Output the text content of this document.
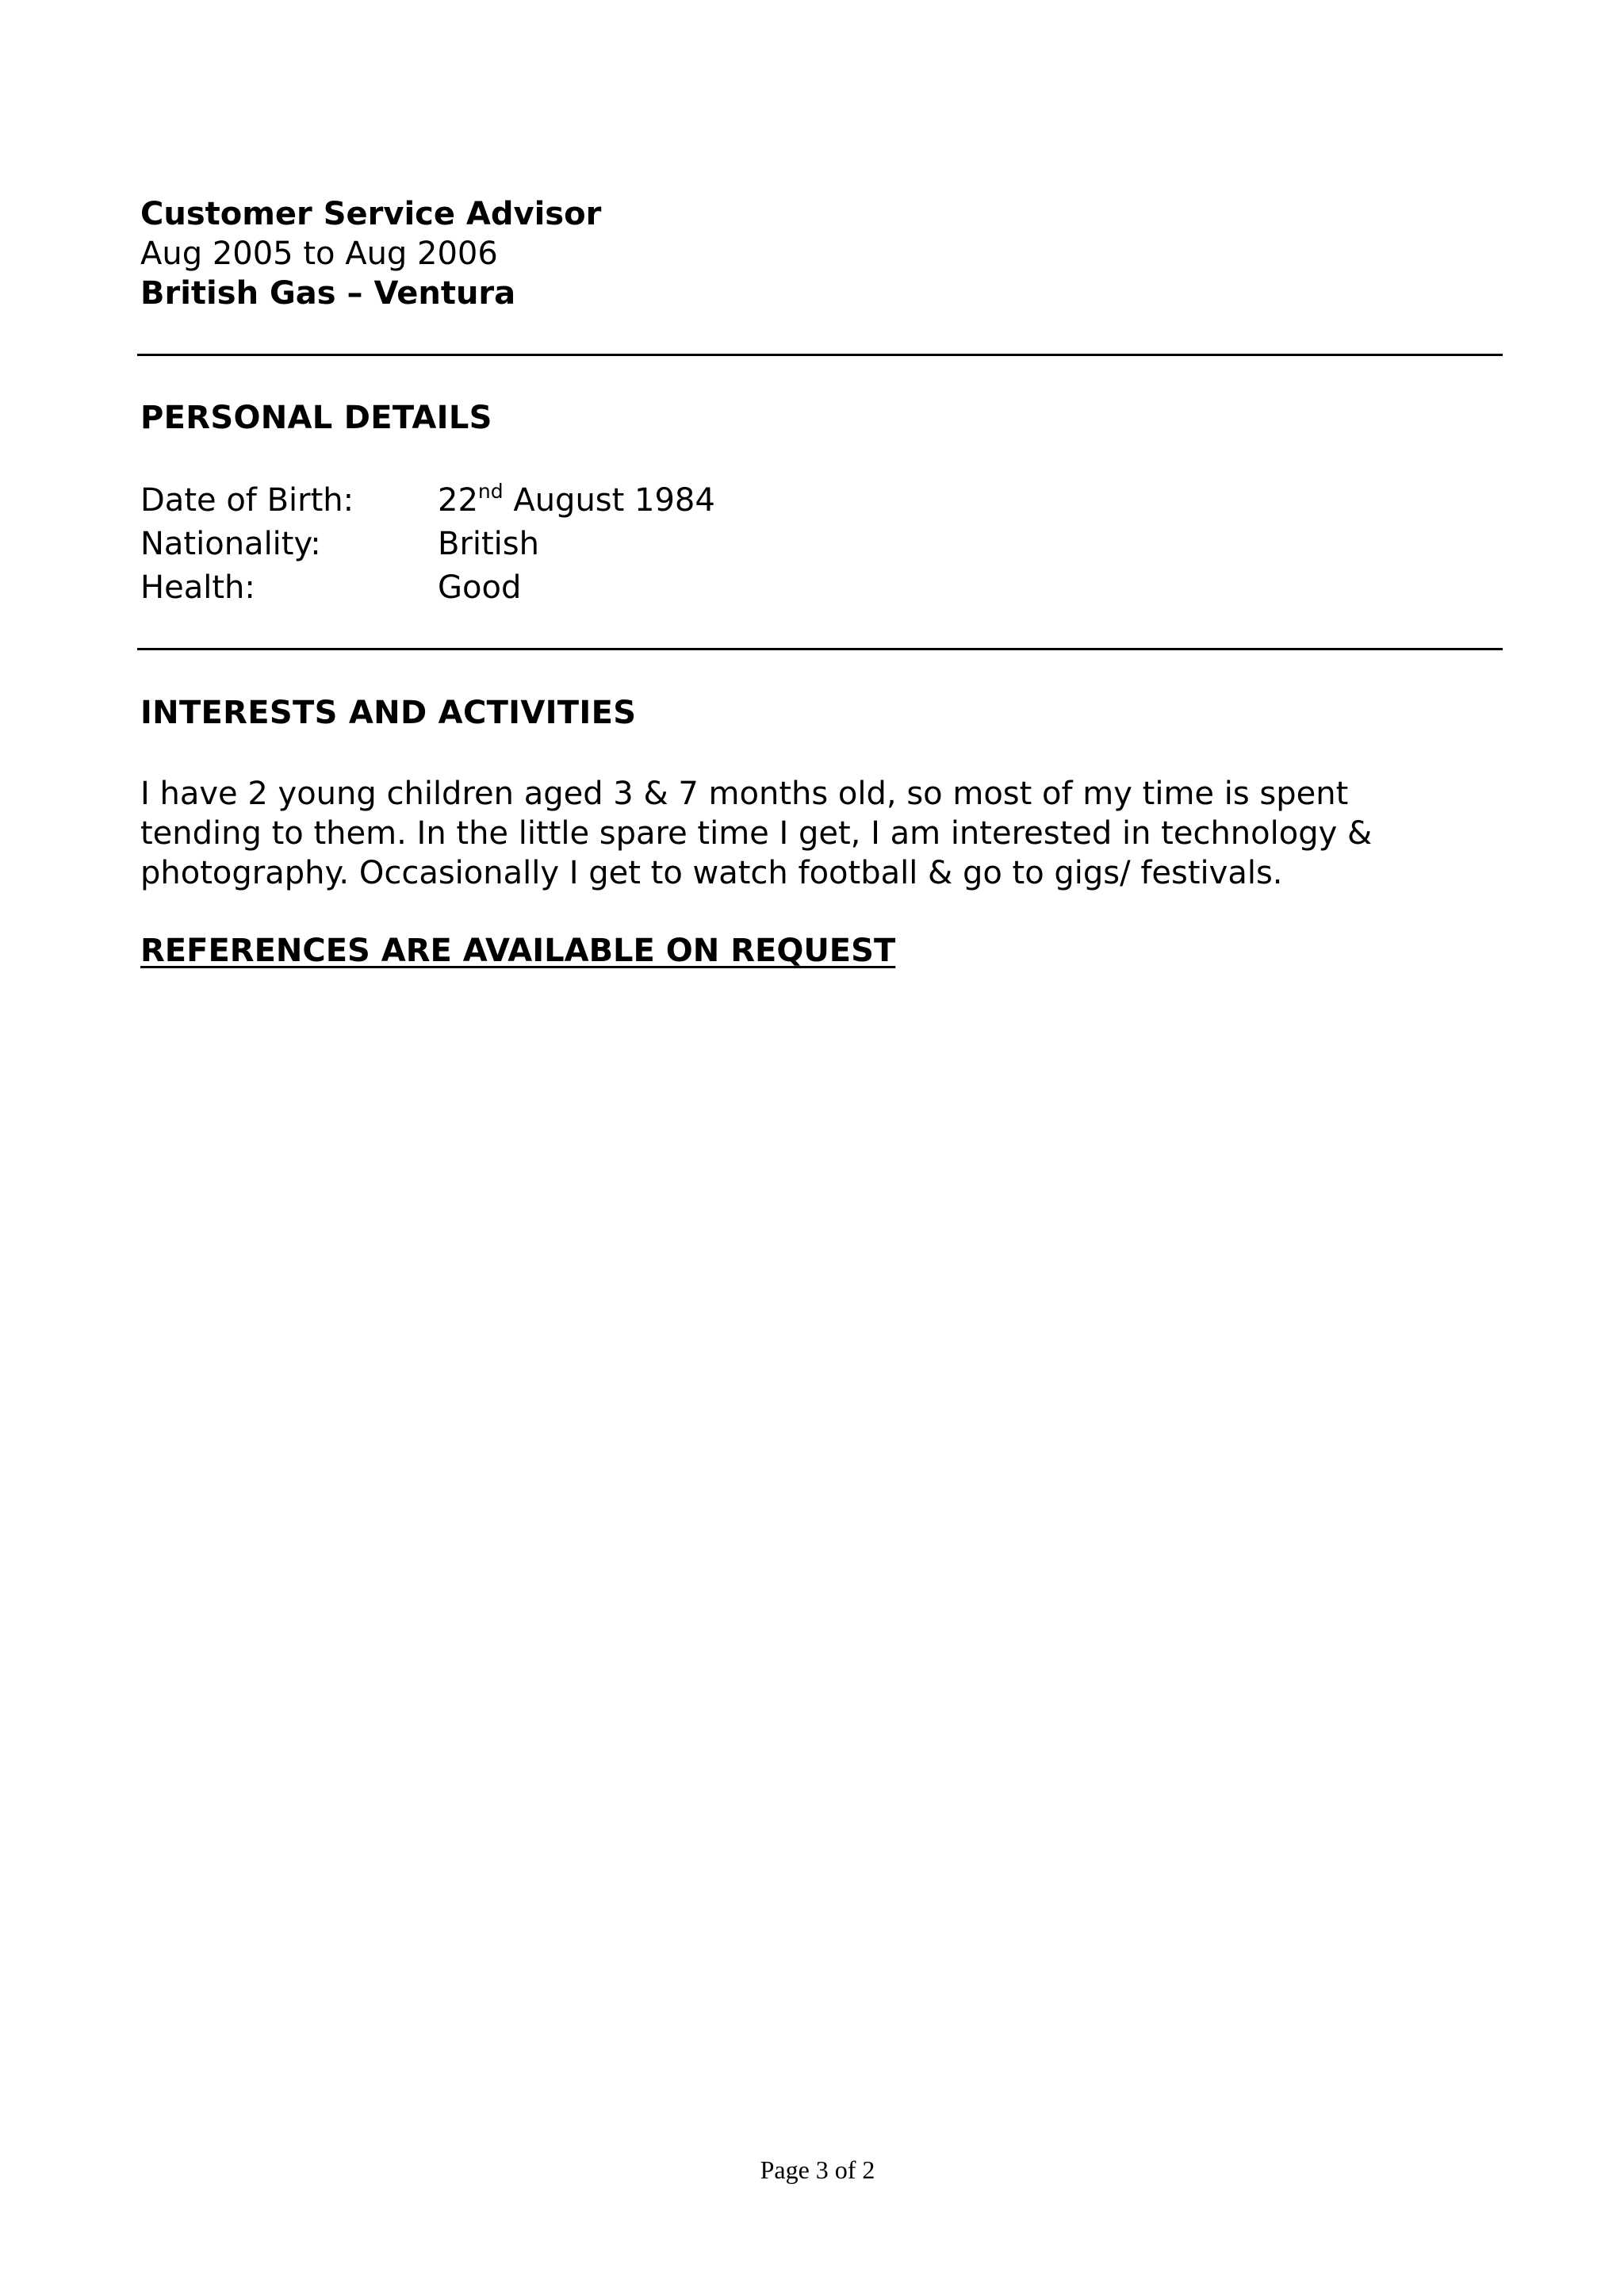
Customer Service Advisor
Aug 2005 to Aug 2006
British Gas – Ventura
PERSONAL DETAILS
Date of Birth:	22nd August 1984
Nationality:	British
Health:	Good
INTERESTS AND ACTIVITIES
I have 2 young children aged 3 & 7 months old, so most of my time is spent
tending to them. In the little spare time I get, I am interested in technology &
photography. Occasionally I get to watch football & go to gigs/ festivals.
REFERENCES ARE AVAILABLE ON REQUEST
Page 3 of 2
